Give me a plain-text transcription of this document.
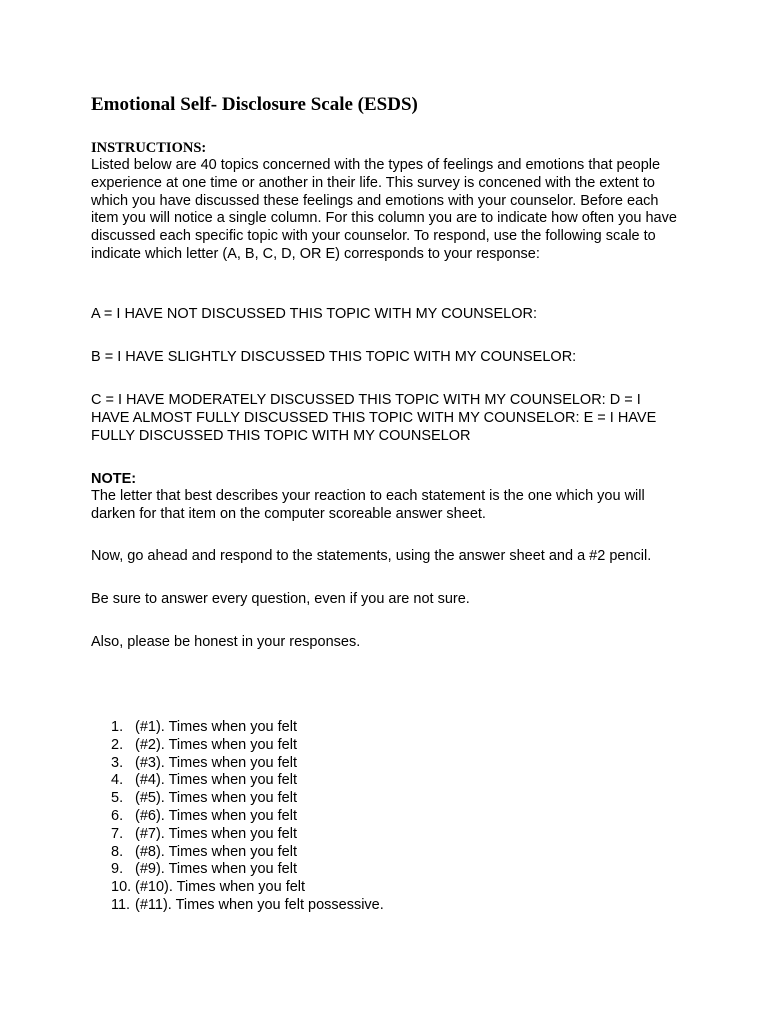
Emotional Self- Disclosure Scale (ESDS)
INSTRUCTIONS:

Listed below are 40 topics concerned with the types of feelings and emotions that people experience at one time or another in their life. This survey is concened with the extent to which you have discussed these feelings and emotions with your counselor. Before each item you will notice a single column. For this column you are to indicate how often you have discussed each specific topic with your counselor. To respond, use the following scale to indicate which letter (A, B, C, D, OR E) corresponds to your response:

A = I HAVE NOT DISCUSSED THIS TOPIC WITH MY COUNSELOR:

B = I HAVE SLIGHTLY DISCUSSED THIS TOPIC WITH MY COUNSELOR:

C = I HAVE MODERATELY DISCUSSED THIS TOPIC WITH MY COUNSELOR: D = I HAVE ALMOST FULLY DISCUSSED THIS TOPIC WITH MY COUNSELOR: E = I HAVE FULLY DISCUSSED THIS TOPIC WITH MY COUNSELOR

NOTE:

The letter that best describes your reaction to each statement is the one which you will darken for that item on the computer scoreable answer sheet.

Now, go ahead and respond to the statements, using the answer sheet and a #2 pencil.

Be sure to answer every question, even if you are not sure.

Also, please be honest in your responses.

1. (#1). Times when you felt
2. (#2). Times when you felt
3. (#3). Times when you felt
4. (#4). Times when you felt
5. (#5). Times when you felt
6. (#6). Times when you felt
7. (#7). Times when you felt
8. (#8). Times when you felt
9. (#9). Times when you felt
10. (#10). Times when you felt
11. (#11). Times when you felt possessive.
